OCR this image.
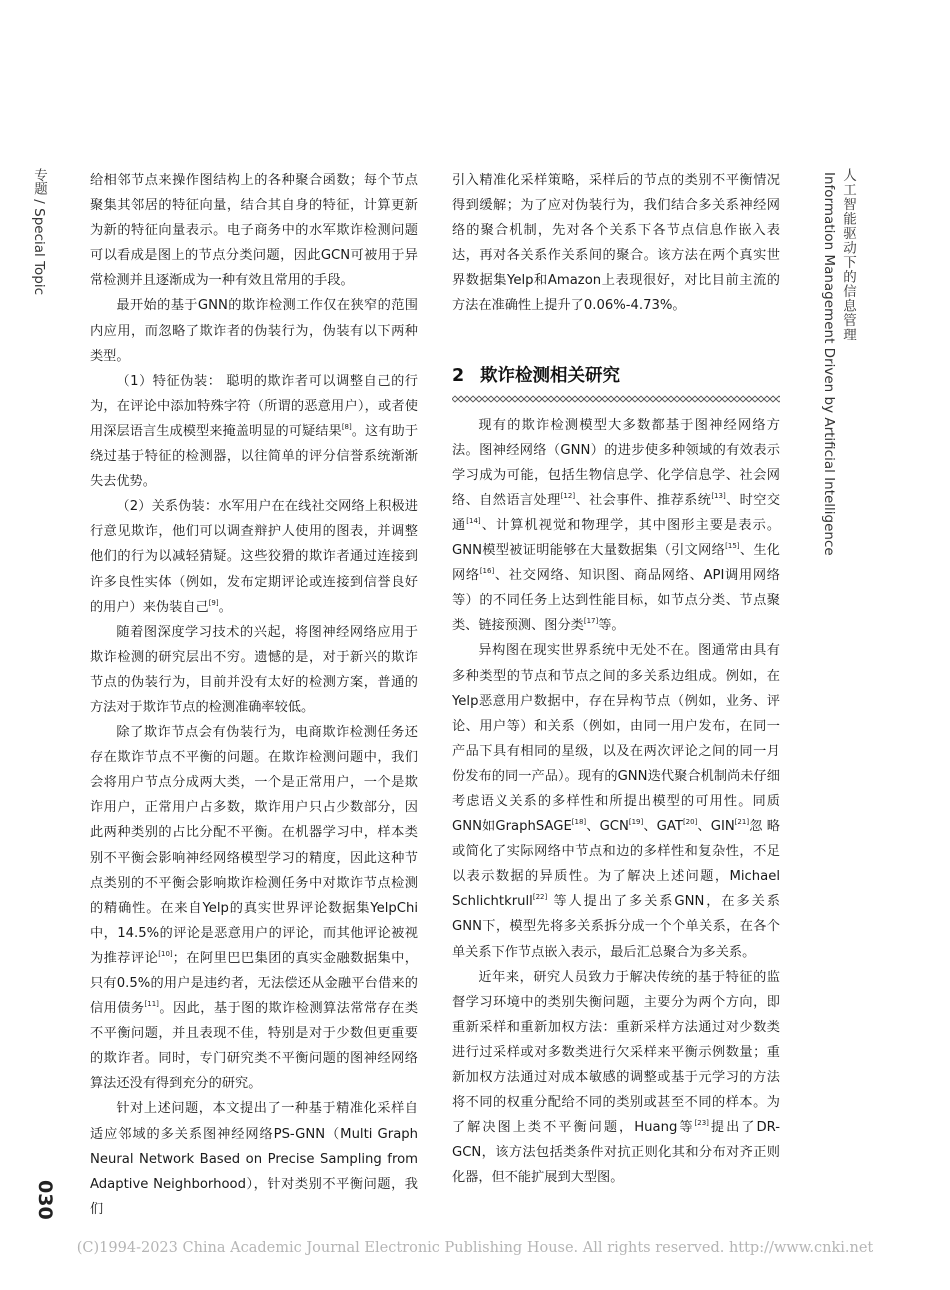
专题 / Special Topic	人工智能驱动下的信息管理
Information Management Driven by Artificial Intelligence
030

给相邻节点来操作图结构上的各种聚合函数；每个节点聚集其邻居的特征向量，结合其自身的特征，计算更新为新的特征向量表示。电子商务中的水军欺诈检测问题可以看成是图上的节点分类问题，因此GCN可被用于异常检测并且逐渐成为一种有效且常用的手段。

最开始的基于GNN的欺诈检测工作仅在狭窄的范围内应用，而忽略了欺诈者的伪装行为，伪装有以下两种类型。

（1）特征伪装： 聪明的欺诈者可以调整自己的行为，在评论中添加特殊字符（所谓的恶意用户），或者使用深层语言生成模型来掩盖明显的可疑结果[8]。这有助于绕过基于特征的检测器，以往简单的评分信誉系统渐渐失去优势。

（2）关系伪装：水军用户在在线社交网络上积极进行意见欺诈，他们可以调查辩护人使用的图表，并调整他们的行为以减轻猜疑。这些狡猾的欺诈者通过连接到许多良性实体（例如，发布定期评论或连接到信誉良好的用户）来伪装自己[9]。

随着图深度学习技术的兴起，将图神经网络应用于欺诈检测的研究层出不穷。遗憾的是，对于新兴的欺诈节点的伪装行为，目前并没有太好的检测方案，普通的方法对于欺诈节点的检测准确率较低。

除了欺诈节点会有伪装行为，电商欺诈检测任务还存在欺诈节点不平衡的问题。在欺诈检测问题中，我们会将用户节点分成两大类，一个是正常用户，一个是欺诈用户，正常用户占多数，欺诈用户只占少数部分，因此两种类别的占比分配不平衡。在机器学习中，样本类别不平衡会影响神经网络模型学习的精度，因此这种节点类别的不平衡会影响欺诈检测任务中对欺诈节点检测的精确性。在来自Yelp的真实世界评论数据集YelpChi中，14.5%的评论是恶意用户的评论，而其他评论被视为推荐评论[10]；在阿里巴巴集团的真实金融数据集中，只有0.5%的用户是违约者，无法偿还从金融平台借来的信用债务[11]。因此，基于图的欺诈检测算法常常存在类不平衡问题，并且表现不佳，特别是对于少数但更重要的欺诈者。同时，专门研究类不平衡问题的图神经网络算法还没有得到充分的研究。

针对上述问题，本文提出了一种基于精准化采样自适应邻域的多关系图神经网络PS-GNN（Multi Graph Neural Network Based on Precise Sampling from Adaptive Neighborhood），针对类别不平衡问题，我们

引入精准化采样策略，采样后的节点的类别不平衡情况得到缓解；为了应对伪装行为，我们结合多关系神经网络的聚合机制，先对各个关系下各节点信息作嵌入表达，再对各关系作关系间的聚合。该方法在两个真实世界数据集Yelp和Amazon上表现很好，对比目前主流的方法在准确性上提升了0.06%-4.73%。

2 欺诈检测相关研究

现有的欺诈检测模型大多数都基于图神经网络方法。图神经网络（GNN）的进步使多种领域的有效表示学习成为可能，包括生物信息学、化学信息学、社会网络、自然语言处理[12]、社会事件、推荐系统[13]、时空交通[14]、计算机视觉和物理学，其中图形主要是表示。GNN模型被证明能够在大量数据集（引文网络[15]、生化网络[16]、社交网络、知识图、商品网络、API调用网络等）的不同任务上达到性能目标，如节点分类、节点聚类、链接预测、图分类[17]等。

异构图在现实世界系统中无处不在。图通常由具有多种类型的节点和节点之间的多关系边组成。例如，在Yelp恶意用户数据中，存在异构节点（例如，业务、评论、用户等）和关系（例如，由同一用户发布，在同一产品下具有相同的星级，以及在两次评论之间的同一月份发布的同一产品）。现有的GNN迭代聚合机制尚未仔细考虑语义关系的多样性和所提出模型的可用性。同质GNN如GraphSAGE[18]、GCN[19]、GAT[20]、GIN[21]忽 略或简化了实际网络中节点和边的多样性和复杂性，不足以表示数据的异质性。为了解决上述问题，Michael Schlichtkrull[22] 等人提出了多关系GNN，在多关系GNN下，模型先将多关系拆分成一个个单关系，在各个单关系下作节点嵌入表示，最后汇总聚合为多关系。

近年来，研究人员致力于解决传统的基于特征的监督学习环境中的类别失衡问题，主要分为两个方向，即重新采样和重新加权方法：重新采样方法通过对少数类进行过采样或对多数类进行欠采样来平衡示例数量；重新加权方法通过对成本敏感的调整或基于元学习的方法将不同的权重分配给不同的类别或甚至不同的样本。为了解决图上类不平衡问题，Huang等[23]提出了DR-GCN，该方法包括类条件对抗正则化其和分布对齐正则化器，但不能扩展到大型图。

(C)1994-2023 China Academic Journal Electronic Publishing House. All rights reserved. http://www.cnki.net
